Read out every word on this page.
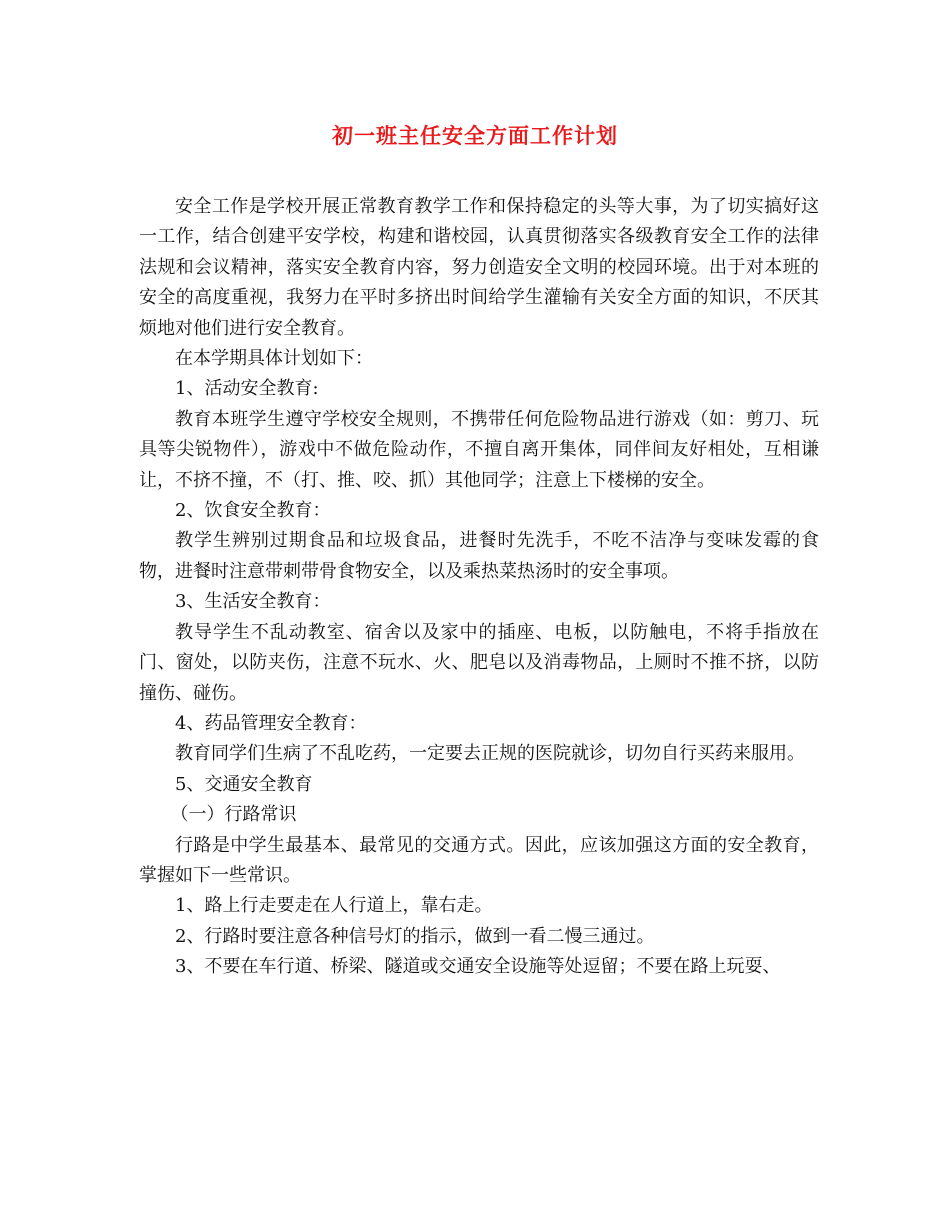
初一班主任安全方面工作计划

安全工作是学校开展正常教育教学工作和保持稳定的头等大事，为了切实搞好这一工作，结合创建平安学校，构建和谐校园，认真贯彻落实各级教育安全工作的法律法规和会议精神，落实安全教育内容，努力创造安全文明的校园环境。出于对本班的安全的高度重视，我努力在平时多挤出时间给学生灌输有关安全方面的知识，不厌其烦地对他们进行安全教育。

在本学期具体计划如下：

1、活动安全教育:

教育本班学生遵守学校安全规则，不携带任何危险物品进行游戏（如：剪刀、玩具等尖锐物件），游戏中不做危险动作，不擅自离开集体，同伴间友好相处，互相谦让，不挤不撞，不（打、推、咬、抓）其他同学；注意上下楼梯的安全。

2、饮食安全教育：

教学生辨别过期食品和垃圾食品，进餐时先洗手，不吃不洁净与变味发霉的食物，进餐时注意带刺带骨食物安全，以及乘热菜热汤时的安全事项。

3、生活安全教育：

教导学生不乱动教室、宿舍以及家中的插座、电板，以防触电，不将手指放在门、窗处，以防夹伤，注意不玩水、火、肥皂以及消毒物品，上厕时不推不挤，以防撞伤、碰伤。

4、药品管理安全教育：

教育同学们生病了不乱吃药，一定要去正规的医院就诊，切勿自行买药来服用。

5、交通安全教育

（一）行路常识

行路是中学生最基本、最常见的交通方式。因此，应该加强这方面的安全教育，掌握如下一些常识。

1、路上行走要走在人行道上，靠右走。

2、行路时要注意各种信号灯的指示，做到一看二慢三通过。

3、不要在车行道、桥梁、隧道或交通安全设施等处逗留；不要在路上玩耍、
